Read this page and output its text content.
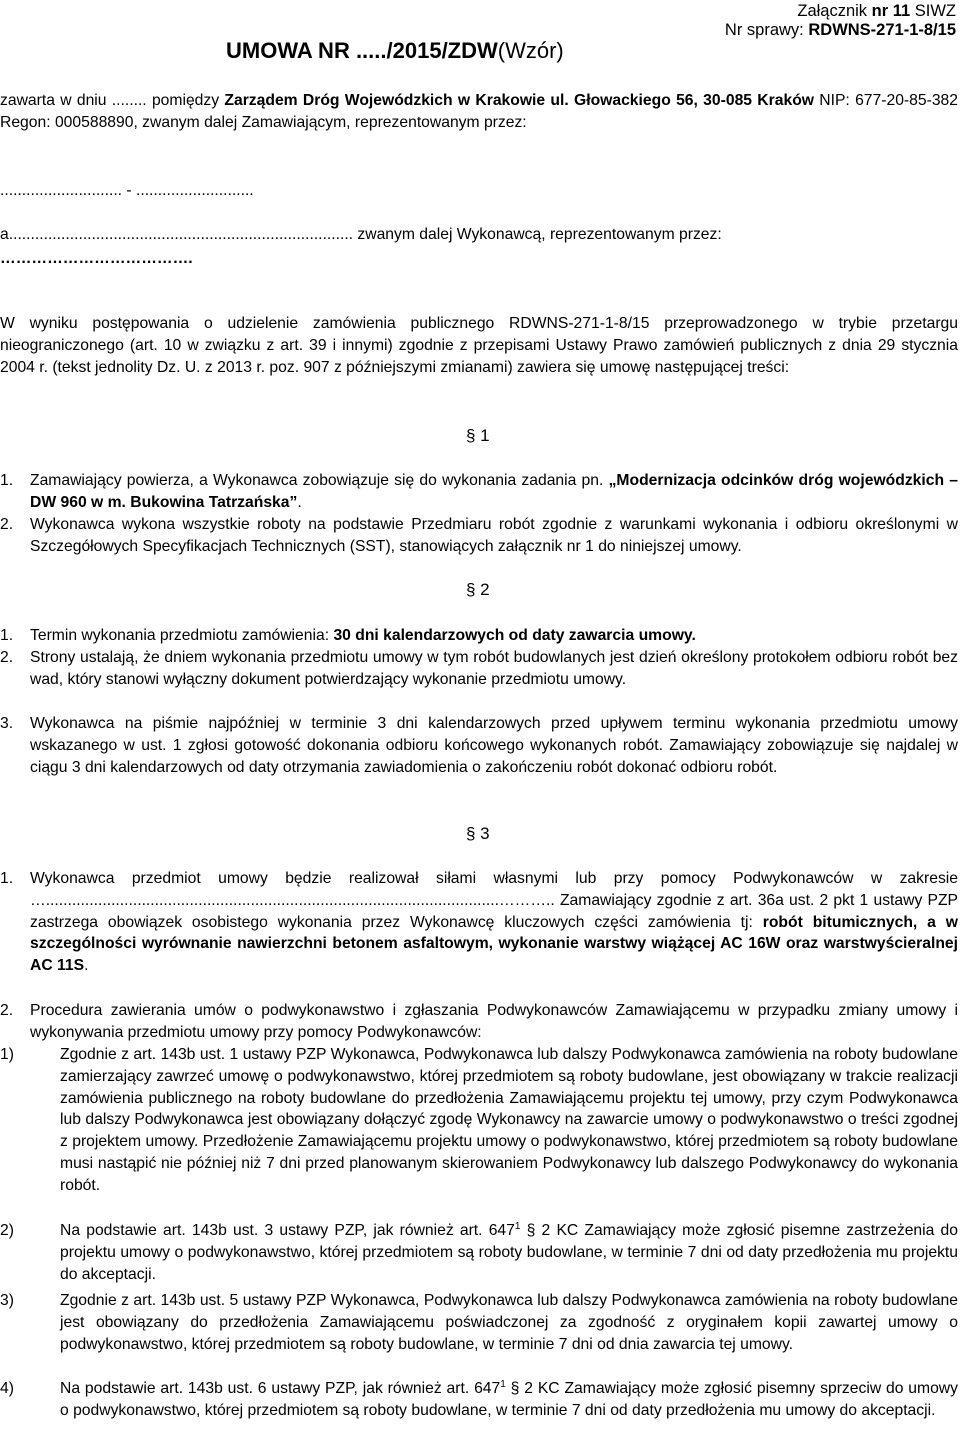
Załącznik nr 11 SIWZ
Nr sprawy: RDWNS-271-1-8/15
UMOWA NR ...../2015/ZDW(Wzór)
zawarta w dniu ........ pomiędzy Zarządem Dróg Wojewódzkich w Krakowie ul. Głowackiego 56, 30-085 Kraków NIP: 677-20-85-382 Regon: 000588890, zwanym dalej Zamawiającym, reprezentowanym przez:
............................ - ...........................
a............................................................................... zwanym dalej Wykonawcą, reprezentowanym przez:
……………………………….
W wyniku postępowania o udzielenie zamówienia publicznego RDWNS-271-1-8/15 przeprowadzonego w trybie przetargu nieograniczonego (art. 10 w związku z art. 39 i innymi) zgodnie z przepisami Ustawy Prawo zamówień publicznych z dnia 29 stycznia 2004 r. (tekst jednolity Dz. U. z 2013 r. poz. 907 z późniejszymi zmianami) zawiera się umowę następującej treści:
§ 1
1. Zamawiający powierza, a Wykonawca zobowiązuje się do wykonania zadania pn. „Modernizacja odcinków dróg wojewódzkich – DW 960 w m. Bukowina Tatrzańska”.
2. Wykonawca wykona wszystkie roboty na podstawie Przedmiaru robót zgodnie z warunkami wykonania i odbioru określonymi w Szczegółowych Specyfikacjach Technicznych (SST), stanowiących załącznik nr 1 do niniejszej umowy.
§ 2
1. Termin wykonania przedmiotu zamówienia: 30 dni kalendarzowych od daty zawarcia umowy.
2. Strony ustalają, że dniem wykonania przedmiotu umowy w tym robót budowlanych jest dzień określony protokołem odbioru robót bez wad, który stanowi wyłączny dokument potwierdzający wykonanie przedmiotu umowy.
3. Wykonawca na piśmie najpóźniej w terminie 3 dni kalendarzowych przed upływem terminu wykonania przedmiotu umowy wskazanego w ust. 1 zgłosi gotowość dokonania odbioru końcowego wykonanych robót. Zamawiający zobowiązuje się najdalej w ciągu 3 dni kalendarzowych od daty otrzymania zawiadomienia o zakończeniu robót dokonać odbioru robót.
§ 3
1. Wykonawca przedmiot umowy będzie realizował siłami własnymi lub przy pomocy Podwykonawców w zakresie …........................................................................................................……….. Zamawiający zgodnie z art. 36a ust. 2 pkt 1 ustawy PZP zastrzega obowiązek osobistego wykonania przez Wykonawcę kluczowych części zamówienia tj: robót bitumicznych, a w szczególności wyrównanie nawierzchni betonem asfaltowym, wykonanie warstwy wiążącej AC 16W oraz warstwyścieralnej AC 11S.
2. Procedura zawierania umów o podwykonawstwo i zgłaszania Podwykonawców Zamawiającemu w przypadku zmiany umowy i wykonywania przedmiotu umowy przy pomocy Podwykonawców:
1)	Zgodnie z art. 143b ust. 1 ustawy PZP Wykonawca, Podwykonawca lub dalszy Podwykonawca zamówienia na roboty budowlane zamierzający zawrzeć umowę o podwykonawstwo, której przedmiotem są roboty budowlane, jest obowiązany w trakcie realizacji zamówienia publicznego na roboty budowlane do przedłożenia Zamawiającemu projektu tej umowy, przy czym Podwykonawca lub dalszy Podwykonawca jest obowiązany dołączyć zgodę Wykonawcy na zawarcie umowy o podwykonawstwo o treści zgodnej z projektem umowy. Przedłożenie Zamawiającemu projektu umowy o podwykonawstwo, której przedmiotem są roboty budowlane musi nastąpić nie później niż 7 dni przed planowanym skierowaniem Podwykonawcy lub dalszego Podwykonawcy do wykonania robót.
2)	Na podstawie art. 143b ust. 3 ustawy PZP, jak również art. $647^1$ § 2 KC Zamawiający może zgłosić pisemne zastrzeżenia do projektu umowy o podwykonawstwo, której przedmiotem są roboty budowlane, w terminie 7 dni od daty przedłożenia mu projektu do akceptacji.
3)	Zgodnie z art. 143b ust. 5 ustawy PZP Wykonawca, Podwykonawca lub dalszy Podwykonawca zamówienia na roboty budowlane jest obowiązany do przedłożenia Zamawiającemu poświadczonej za zgodność z oryginałem kopii zawartej umowy o podwykonawstwo, której przedmiotem są roboty budowlane, w terminie 7 dni od dnia zawarcia tej umowy.
4)	Na podstawie art. 143b ust. 6 ustawy PZP, jak również art. $647^1$ § 2 KC Zamawiający może zgłosić pisemny sprzeciw do umowy o podwykonawstwo, której przedmiotem są roboty budowlane, w terminie 7 dni od daty przedłożenia mu umowy do akceptacji.
